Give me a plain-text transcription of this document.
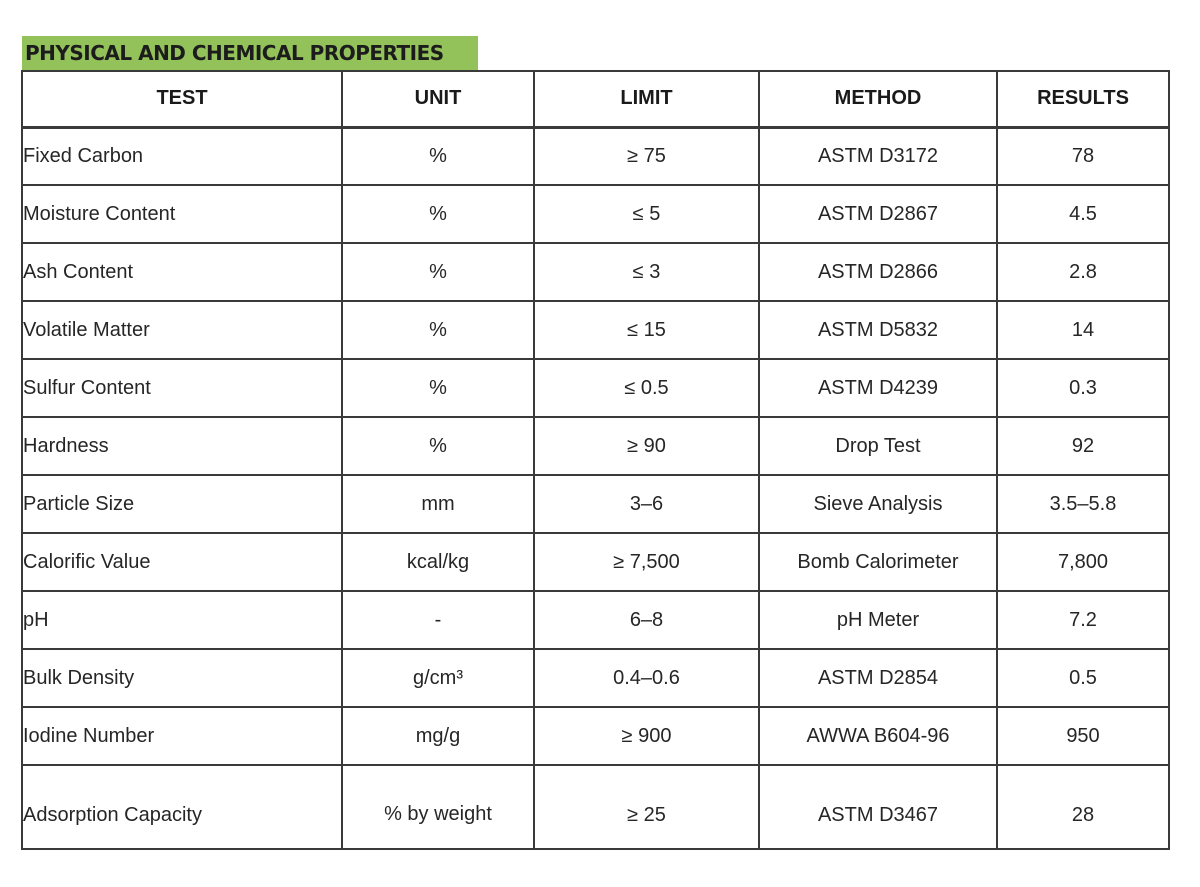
PHYSICAL AND CHEMICAL PROPERTIES
TEST	UNIT	LIMIT	METHOD	RESULTS
Fixed Carbon	%	≥ 75	ASTM D3172	78
Moisture Content	%	≤ 5	ASTM D2867	4.5
Ash Content	%	≤ 3	ASTM D2866	2.8
Volatile Matter	%	≤ 15	ASTM D5832	14
Sulfur Content	%	≤ 0.5	ASTM D4239	0.3
Hardness	%	≥ 90	Drop Test	92
Particle Size	mm	3–6	Sieve Analysis	3.5–5.8
Calorific Value	kcal/kg	≥ 7,500	Bomb Calorimeter	7,800
pH	-	6–8	pH Meter	7.2
Bulk Density	g/cm³	0.4–0.6	ASTM D2854	0.5
Iodine Number	mg/g	≥ 900	AWWA B604-96	950
Adsorption Capacity	% by weight	≥ 25	ASTM D3467	28
